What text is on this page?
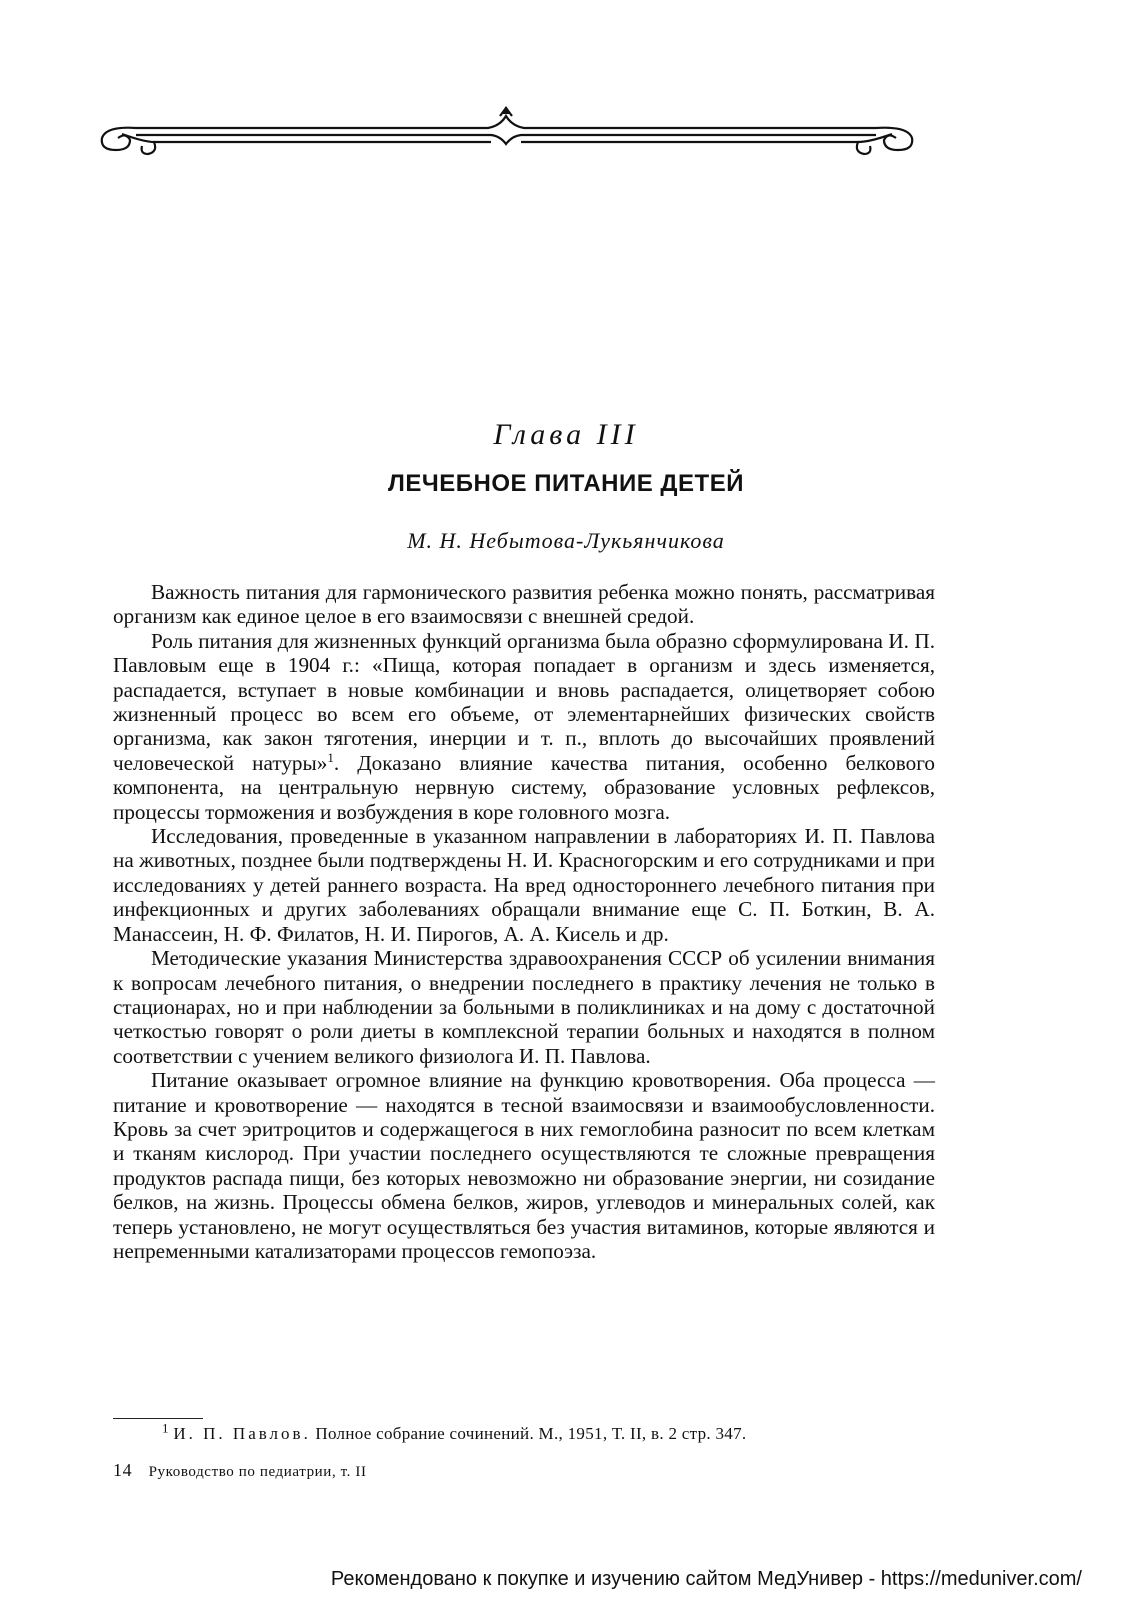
Глава III
ЛЕЧЕБНОЕ ПИТАНИЕ ДЕТЕЙ
М. Н. Небытова-Лукьянчикова

Важность питания для гармонического развития ребенка можно понять, рассматривая организм как единое целое в его взаимосвязи с внешней средой.

Роль питания для жизненных функций организма была образно сформулирована И. П. Павловым еще в 1904 г.: «Пища, которая попадает в организм и здесь изменяется, распадается, вступает в новые комбинации и вновь распадается, олицетворяет собою жизненный процесс во всем его объеме, от элементарнейших физических свойств организма, как закон тяготения, инерции и т. п., вплоть до высочайших проявлений человеческой натуры»$^1$. Доказано влияние качества питания, особенно белкового компонента, на центральную нервную систему, образование условных рефлексов, процессы торможения и возбуждения в коре головного мозга.

Исследования, проведенные в указанном направлении в лабораториях И. П. Павлова на животных, позднее были подтверждены Н. И. Красногорским и его сотрудниками и при исследованиях у детей раннего возраста. На вред одностороннего лечебного питания при инфекционных и других заболеваниях обращали внимание еще С. П. Боткин, В. А. Манассеин, Н. Ф. Филатов, Н. И. Пирогов, А. А. Кисель и др.

Методические указания Министерства здравоохранения СССР об усилении внимания к вопросам лечебного питания, о внедрении последнего в практику лечения не только в стационарах, но и при наблюдении за больными в поликлиниках и на дому с достаточной четкостью говорят о роли диеты в комплексной терапии больных и находятся в полном соответствии с учением великого физиолога И. П. Павлова.

Питание оказывает огромное влияние на функцию кровотворения. Оба процесса — питание и кровотворение — находятся в тесной взаимосвязи и взаимообусловленности. Кровь за счет эритроцитов и содержащегося в них гемоглобина разносит по всем клеткам и тканям кислород. При участии последнего осуществляются те сложные превращения продуктов распада пищи, без которых невозможно ни образование энергии, ни созидание белков, на жизнь. Процессы обмена белков, жиров, углеводов и минеральных солей, как теперь установлено, не могут осуществляться без участия витаминов, которые являются и непременными катализаторами процессов гемопоэза.

$^1$ И. П. Павлов. Полное собрание сочинений. М., 1951, Т. II, в. 2 стр. 347.
14 Руководство по педиатрии, т. II
Рекомендовано к покупке и изучению сайтом МедУнивер - https://meduniver.com/
